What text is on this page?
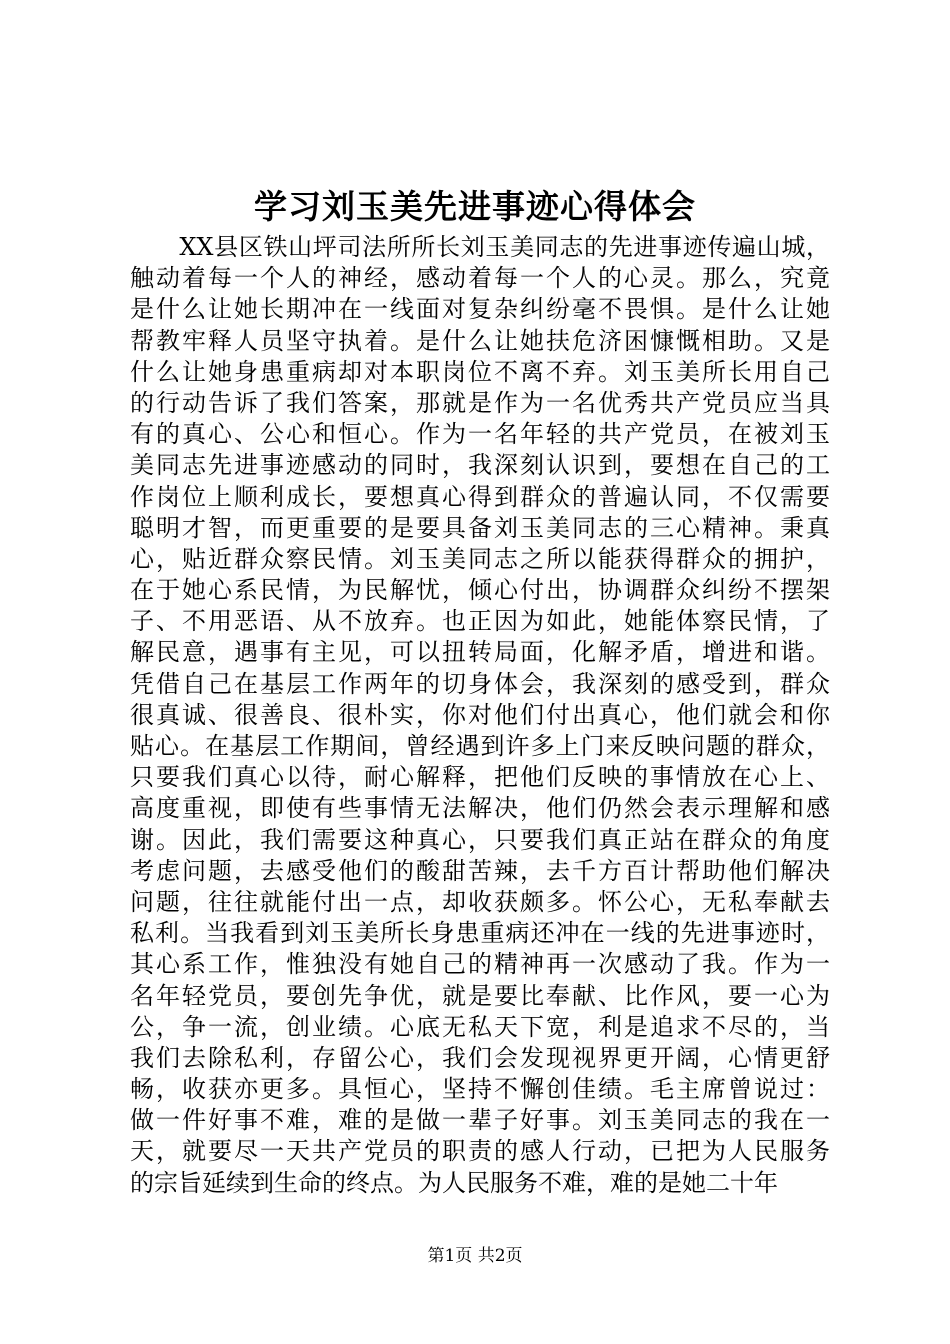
学习刘玉美先进事迹心得体会
　　XX县区铁山坪司法所所长刘玉美同志的先进事迹传遍山城，
触动着每一个人的神经，感动着每一个人的心灵。那么，究竟
是什么让她长期冲在一线面对复杂纠纷毫不畏惧。是什么让她
帮教牢释人员坚守执着。是什么让她扶危济困慷慨相助。又是
什么让她身患重病却对本职岗位不离不弃。刘玉美所长用自己
的行动告诉了我们答案，那就是作为一名优秀共产党员应当具
有的真心、公心和恒心。作为一名年轻的共产党员，在被刘玉
美同志先进事迹感动的同时，我深刻认识到，要想在自己的工
作岗位上顺利成长，要想真心得到群众的普遍认同，不仅需要
聪明才智，而更重要的是要具备刘玉美同志的三心精神。秉真
心，贴近群众察民情。刘玉美同志之所以能获得群众的拥护，
在于她心系民情，为民解忧，倾心付出，协调群众纠纷不摆架
子、不用恶语、从不放弃。也正因为如此，她能体察民情，了
解民意，遇事有主见，可以扭转局面，化解矛盾，增进和谐。
凭借自己在基层工作两年的切身体会，我深刻的感受到，群众
很真诚、很善良、很朴实，你对他们付出真心，他们就会和你
贴心。在基层工作期间，曾经遇到许多上门来反映问题的群众，
只要我们真心以待，耐心解释，把他们反映的事情放在心上、
高度重视，即使有些事情无法解决，他们仍然会表示理解和感
谢。因此，我们需要这种真心，只要我们真正站在群众的角度
考虑问题，去感受他们的酸甜苦辣，去千方百计帮助他们解决
问题，往往就能付出一点，却收获颇多。怀公心，无私奉献去
私利。当我看到刘玉美所长身患重病还冲在一线的先进事迹时，
其心系工作，惟独没有她自己的精神再一次感动了我。作为一
名年轻党员，要创先争优，就是要比奉献、比作风，要一心为
公，争一流，创业绩。心底无私天下宽，利是追求不尽的，当
我们去除私利，存留公心，我们会发现视界更开阔，心情更舒
畅，收获亦更多。具恒心，坚持不懈创佳绩。毛主席曾说过：
做一件好事不难，难的是做一辈子好事。刘玉美同志的我在一
天，就要尽一天共产党员的职责的感人行动，已把为人民服务
的宗旨延续到生命的终点。为人民服务不难，难的是她二十年
第1页 共2页
